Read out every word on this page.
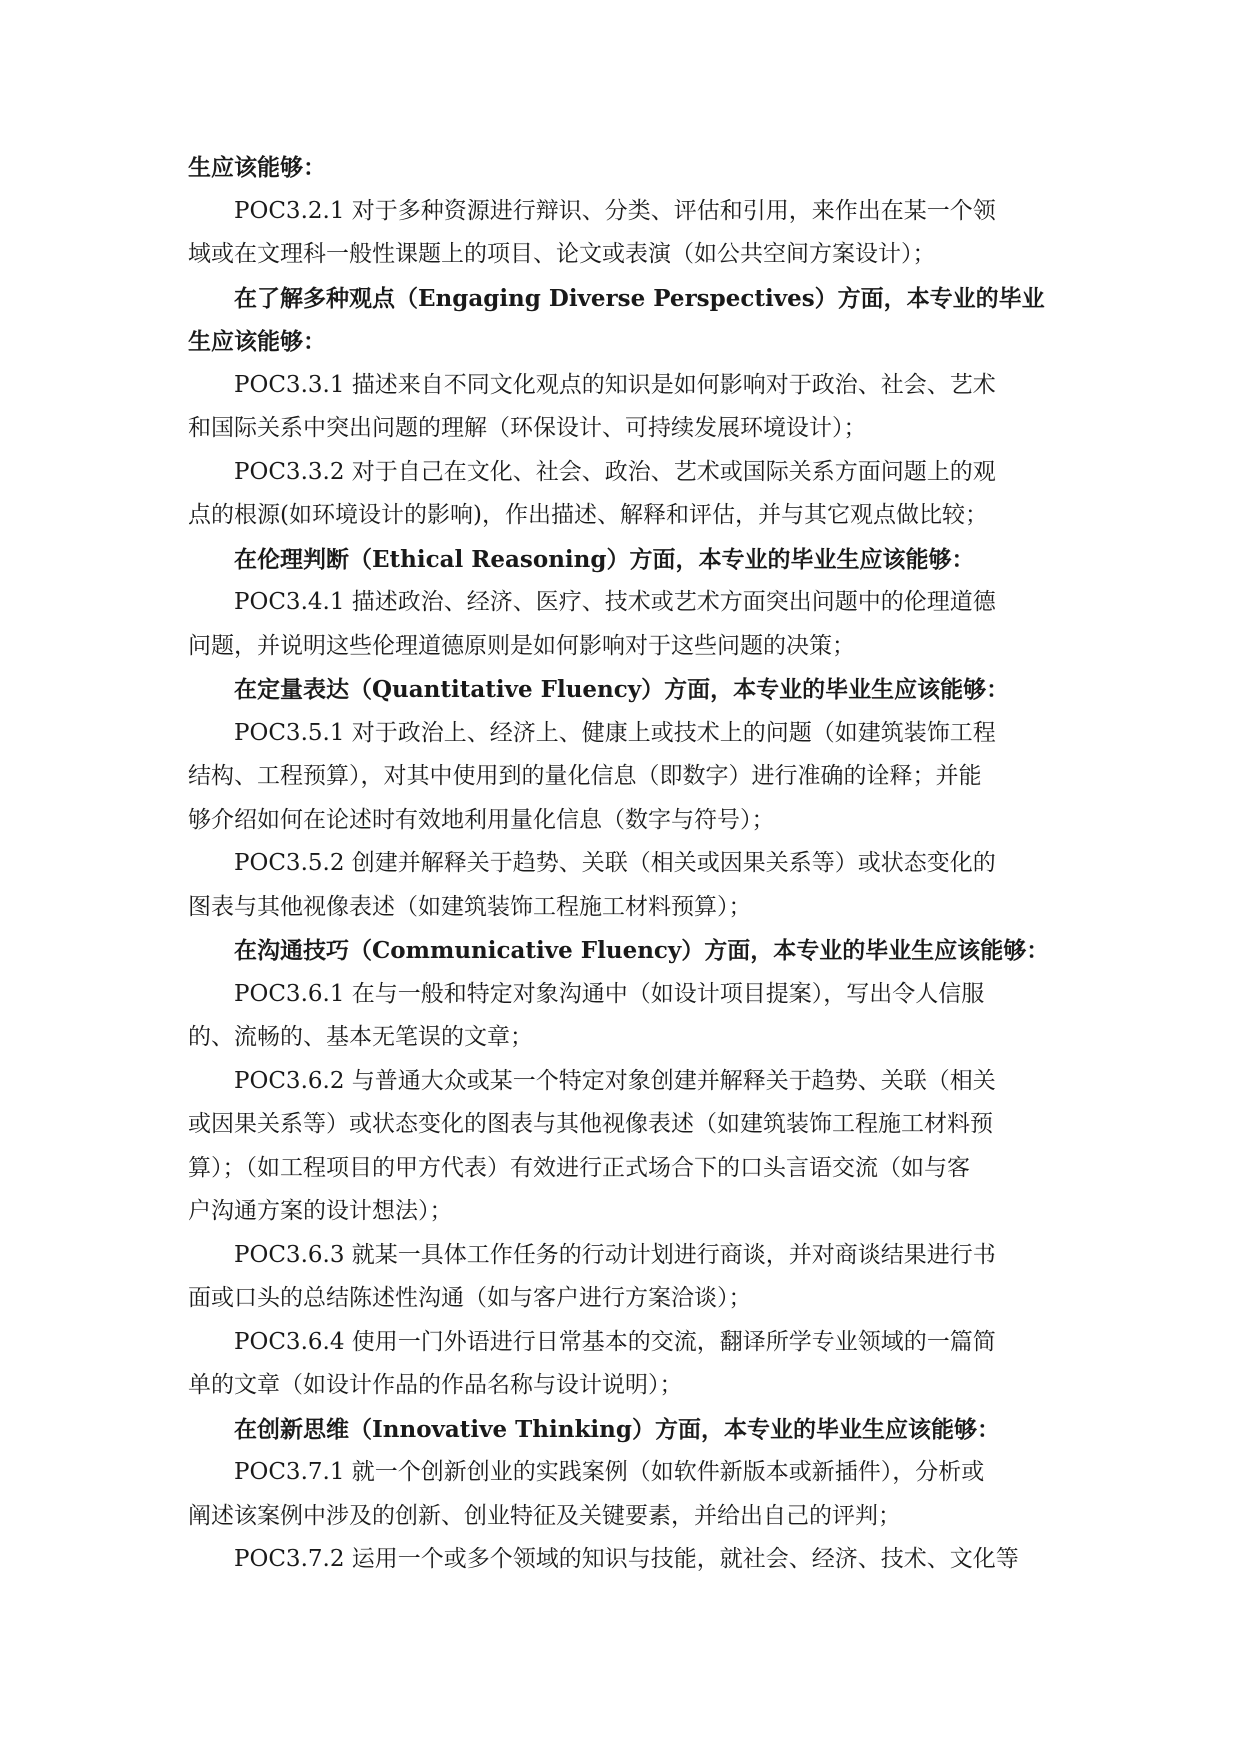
生应该能够：

POC3.2.1 对于多种资源进行辩识、分类、评估和引用，来作出在某一个领
域或在文理科一般性课题上的项目、论文或表演（如公共空间方案设计）；

在了解多种观点（Engaging Diverse Perspectives）方面，本专业的毕业
生应该能够：

POC3.3.1 描述来自不同文化观点的知识是如何影响对于政治、社会、艺术
和国际关系中突出问题的理解（环保设计、可持续发展环境设计）；

POC3.3.2 对于自己在文化、社会、政治、艺术或国际关系方面问题上的观
点的根源(如环境设计的影响)，作出描述、解释和评估，并与其它观点做比较；

在伦理判断（Ethical Reasoning）方面，本专业的毕业生应该能够：

POC3.4.1 描述政治、经济、医疗、技术或艺术方面突出问题中的伦理道德
问题，并说明这些伦理道德原则是如何影响对于这些问题的决策；

在定量表达（Quantitative Fluency）方面，本专业的毕业生应该能够：

POC3.5.1 对于政治上、经济上、健康上或技术上的问题（如建筑装饰工程
结构、工程预算），对其中使用到的量化信息（即数字）进行准确的诠释；并能
够介绍如何在论述时有效地利用量化信息（数字与符号）；

POC3.5.2 创建并解释关于趋势、关联（相关或因果关系等）或状态变化的
图表与其他视像表述（如建筑装饰工程施工材料预算）；

在沟通技巧（Communicative Fluency）方面，本专业的毕业生应该能够：

POC3.6.1 在与一般和特定对象沟通中（如设计项目提案），写出令人信服
的、流畅的、基本无笔误的文章；

POC3.6.2 与普通大众或某一个特定对象创建并解释关于趋势、关联（相关
或因果关系等）或状态变化的图表与其他视像表述（如建筑装饰工程施工材料预
算）；（如工程项目的甲方代表）有效进行正式场合下的口头言语交流（如与客
户沟通方案的设计想法）；

POC3.6.3 就某一具体工作任务的行动计划进行商谈，并对商谈结果进行书
面或口头的总结陈述性沟通（如与客户进行方案洽谈）；

POC3.6.4 使用一门外语进行日常基本的交流，翻译所学专业领域的一篇简
单的文章（如设计作品的作品名称与设计说明）；

在创新思维（Innovative Thinking）方面，本专业的毕业生应该能够：

POC3.7.1 就一个创新创业的实践案例（如软件新版本或新插件），分析或
阐述该案例中涉及的创新、创业特征及关键要素，并给出自己的评判；

POC3.7.2 运用一个或多个领域的知识与技能，就社会、经济、技术、文化等
